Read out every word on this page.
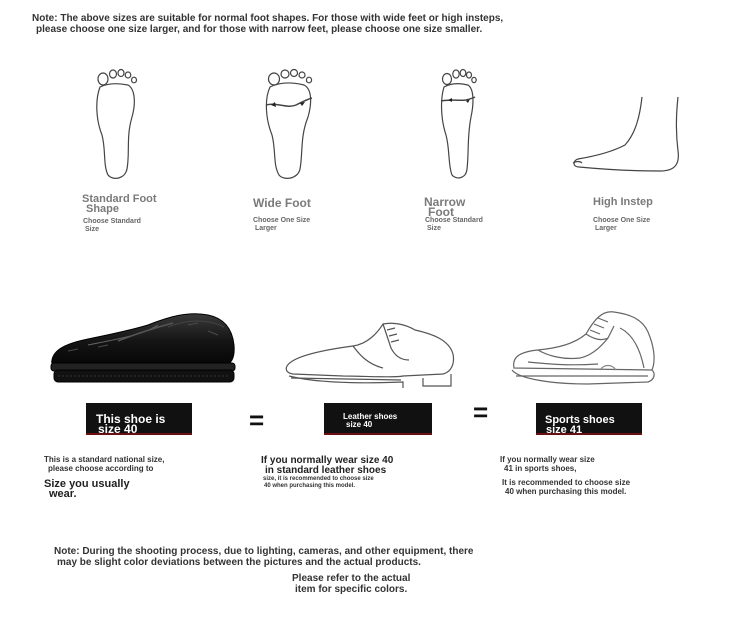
Note: The above sizes are suitable for normal foot shapes. For those with wide feet or high insteps,
please choose one size larger, and for those with narrow feet, please choose one size smaller.
Standard Foot
Shape
Choose Standard
Size
Wide Foot
Choose One Size
Larger
Narrow
Foot
Choose Standard
Size
High Instep
Choose One Size
Larger
This shoe is
size 40	=	Leather shoes
size 40	=	Sports shoes
size 41
This is a standard national size,
please choose according to
Size you usually
wear.
If you normally wear size 40
in standard leather shoes
size, it is recommended to choose size
40 when purchasing this model.
If you normally wear size
41 in sports shoes,
It is recommended to choose size
40 when purchasing this model.
Note: During the shooting process, due to lighting, cameras, and other equipment, there
may be slight color deviations between the pictures and the actual products.
Please refer to the actual
item for specific colors.
